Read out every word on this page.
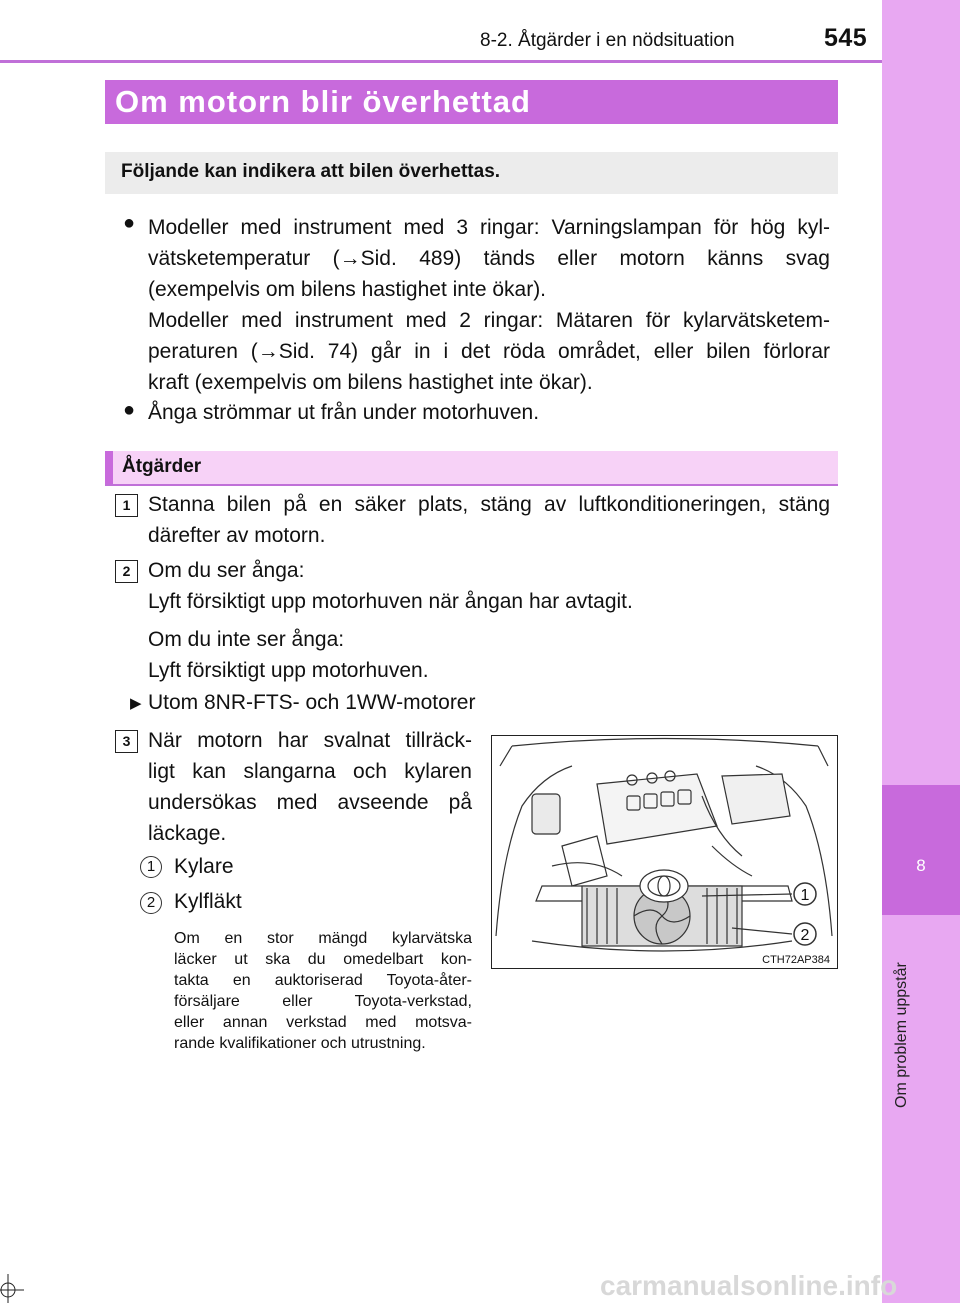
8
Om problem uppstår
8-2. Åtgärder i en nödsituation	545
Om motorn blir överhettad
Följande kan indikera att bilen överhettas.
● Modeller med instrument med 3 ringar: Varningslampan för hög kyl-
vätsketemperatur (→Sid. 489) tänds eller motorn känns svag
(exempelvis om bilens hastighet inte ökar).
Modeller med instrument med 2 ringar: Mätaren för kylarvätsketem-
peraturen (→Sid. 74) går in i det röda området, eller bilen förlorar
kraft (exempelvis om bilens hastighet inte ökar).
● Ånga strömmar ut från under motorhuven.
Åtgärder
1 Stanna bilen på en säker plats, stäng av luftkonditioneringen, stäng
därefter av motorn.
2 Om du ser ånga:
Lyft försiktigt upp motorhuven när ångan har avtagit.
Om du inte ser ånga:
Lyft försiktigt upp motorhuven.
▶ Utom 8NR-FTS- och 1WW-motorer
3 När motorn har svalnat tillräck-
ligt kan slangarna och kylaren
undersökas med avseende på
läckage.
1 Kylare
2 Kylfläkt
Om en stor mängd kylarvätska
läcker ut ska du omedelbart kon-
takta en auktoriserad Toyota-åter-
försäljare eller Toyota-verkstad,
eller annan verkstad med motsva-
rande kvalifikationer och utrustning.
1
2
CTH72AP384
carmanualsonline.info
